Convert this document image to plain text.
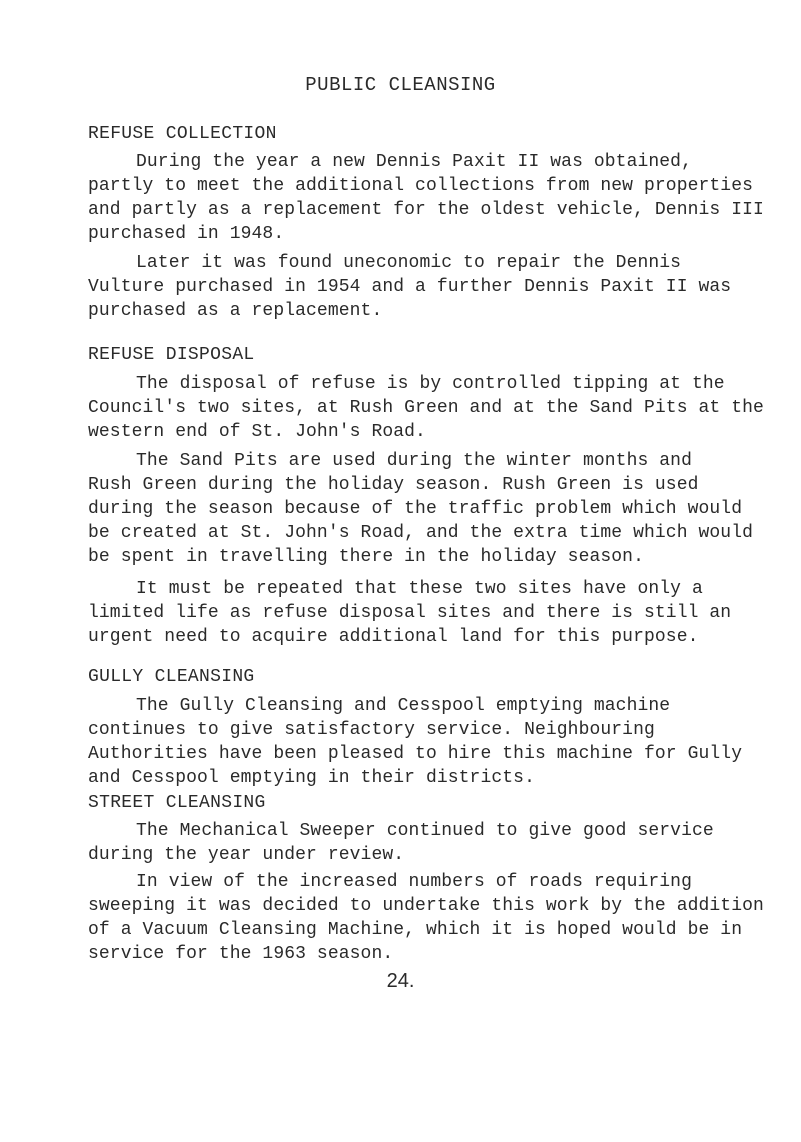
PUBLIC CLEANSING
REFUSE COLLECTION

During the year a new Dennis Paxit II was obtained,
partly to meet the additional collections from new properties
and partly as a replacement for the oldest vehicle, Dennis III
purchased in 1948.

Later it was found uneconomic to repair the Dennis
Vulture purchased in 1954 and a further Dennis Paxit II was
purchased as a replacement.

REFUSE DISPOSAL

The disposal of refuse is by controlled tipping at the
Council's two sites, at Rush Green and at the Sand Pits at the
western end of St. John's Road.

The Sand Pits are used during the winter months and
Rush Green during the holiday season. Rush Green is used
during the season because of the traffic problem which would
be created at St. John's Road, and the extra time which would
be spent in travelling there in the holiday season.

It must be repeated that these two sites have only a
limited life as refuse disposal sites and there is still an
urgent need to acquire additional land for this purpose.

GULLY CLEANSING

The Gully Cleansing and Cesspool emptying machine
continues to give satisfactory service. Neighbouring
Authorities have been pleased to hire this machine for Gully
and Cesspool emptying in their districts.

STREET CLEANSING

The Mechanical Sweeper continued to give good service
during the year under review.

In view of the increased numbers of roads requiring
sweeping it was decided to undertake this work by the addition
of a Vacuum Cleansing Machine, which it is hoped would be in
service for the 1963 season.

24.
